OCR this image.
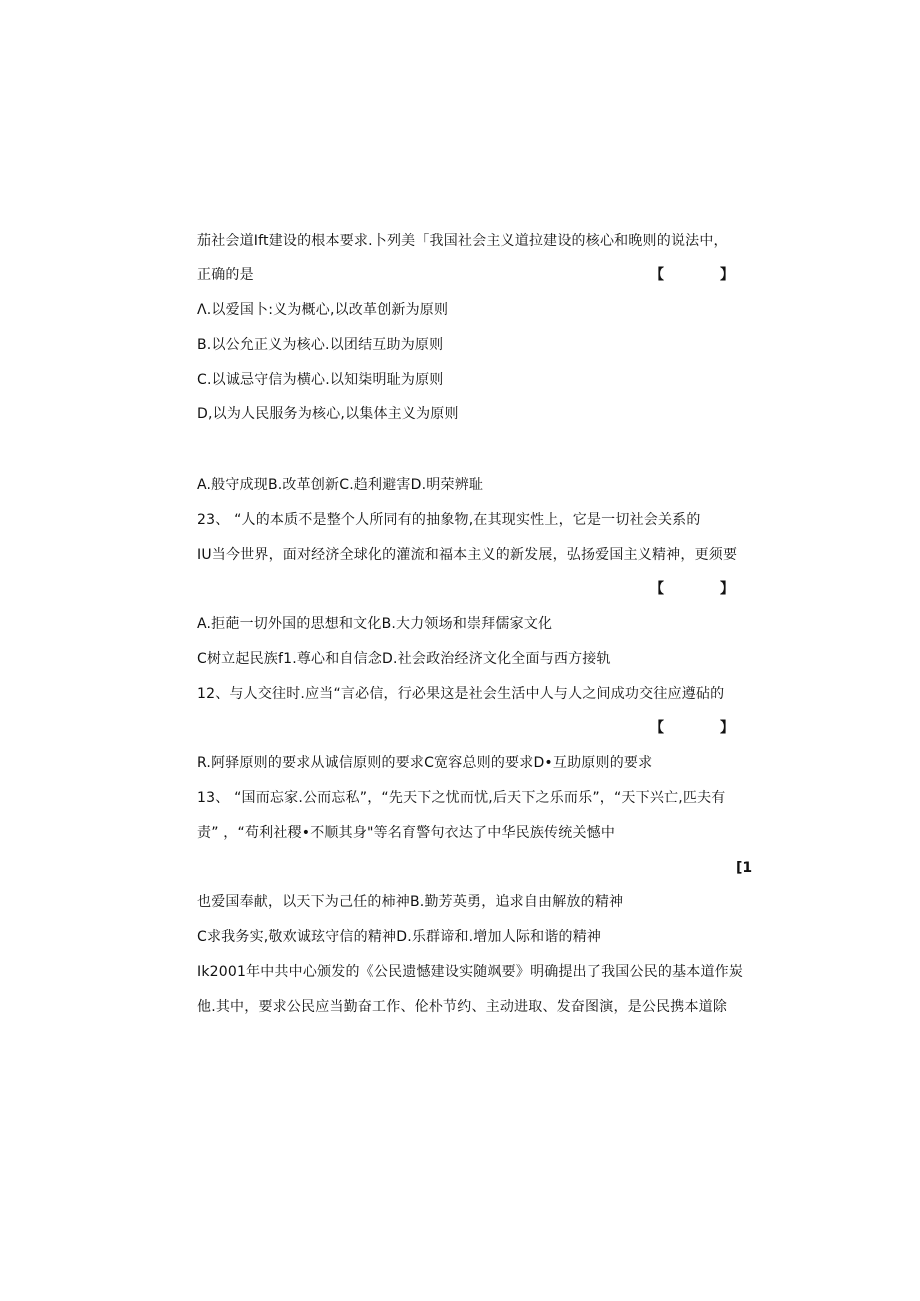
茄社会道Ift建设的根本要求.卜列美「我国社会主义道拉建设的核心和晚则的说法中，
正确的是	【	】
Λ.以爱国卜:义为概心,以改革创新为原则
B.以公允正义为核心.以团结互助为原则
C.以诚忌守信为横心.以知柒明耻为原则
D,以为人民服务为核心,以集体主义为原则
A.般守成现B.改革创新C.趋利避害D.明荣辨耻
23、 “人的本质不是整个人所同有的抽象物,在其现实性上，它是一切社会关系的
IU当今世界，面对经济全球化的灌流和福本主义的新发展，弘扬爱国主义精神，更须要
【	】
A.拒葩一切外国的思想和文化B.大力领场和崇拜儒家文化
C树立起民族f1.尊心和自信念D.社会政治经济文化全面与西方接轨
12、与人交往时.应当“言必信，行必果这是社会生活中人与人之间成功交往应遵砧的
【	】
R.阿驿原则的要求从诚信原则的要求C宽容总则的要求D•互助原则的要求
13、 “国而忘家.公而忘私”，“先天下之忧而忧,后天下之乐而乐”，“天下兴亡,匹夫有
责” ，“苟利社稷•不顺其身"等名育警句衣达了中华民族传统关憾中
[1
也爱国奉献，以天下为己任的柿神B.勤芳英勇，追求自由解放的精神
C求我务实,敬欢诚玹守信的精神D.乐群谛和.增加人际和谐的精神
Ik2001年中共中心颁发的《公民遗憾建设实随飒要》明确提出了我国公民的基本道作炭
他.其中，要求公民应当勤奋工作、伦朴节约、主动进取、发奋图演，是公民携本道除
